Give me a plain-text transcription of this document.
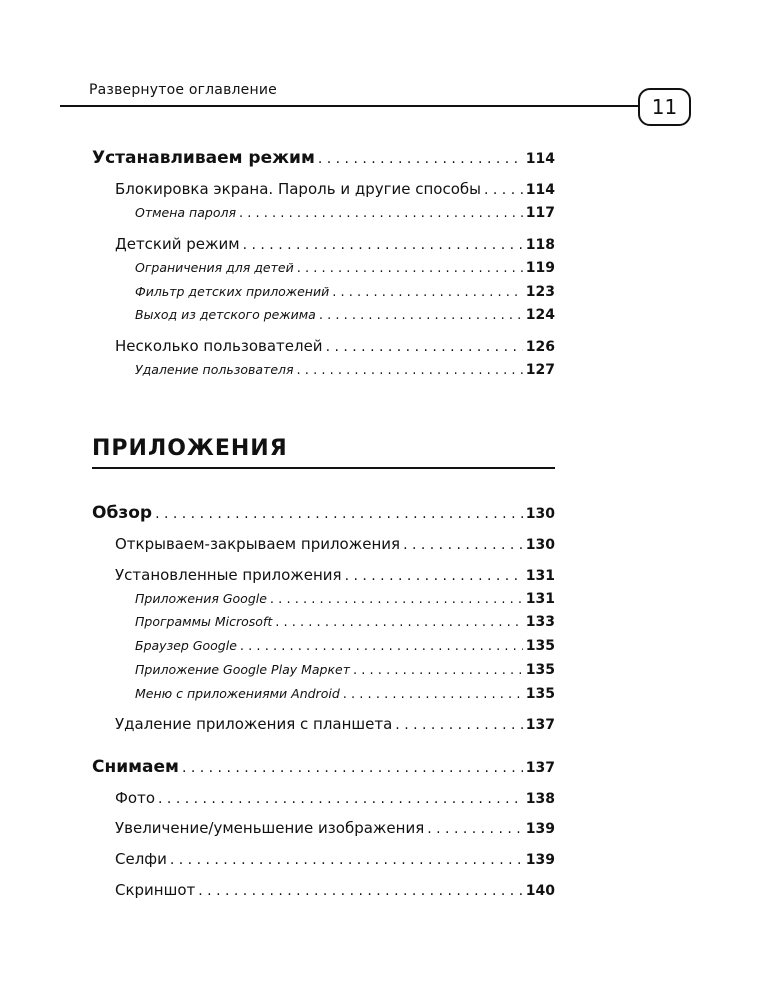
Развернутое оглавление
11
Устанавливаем режим . . .	114
Блокировка экрана. Пароль и другие способы . . .	114
Отмена пароля . . .	117
Детский режим . . .	118
Ограничения для детей . . .	119
Фильтр детских приложений . . .	123
Выход из детского режима . . .	124
Несколько пользователей . . .	126
Удаление пользователя . . .	127
ПРИЛОЖЕНИЯ
Обзор . . .	130
Открываем-закрываем приложения . . .	130
Установленные приложения . . .	131
Приложения Google . . .	131
Программы Microsoft . . .	133
Браузер Google . . .	135
Приложение Google Play Маркет . . .	135
Меню с приложениями Android . . .	135
Удаление приложения с планшета . . .	137
Снимаем . . .	137
Фото . . .	138
Увеличение/уменьшение изображения . . .	139
Селфи . . .	139
Скриншот . . .	140
